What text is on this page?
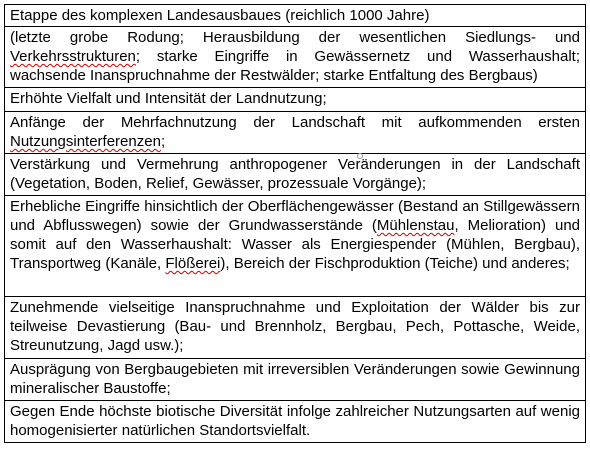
Etappe des komplexen Landesausbaues (reichlich 1000 Jahre)
(letzte grobe Rodung; Herausbildung der wesentlichen Siedlungs- und Verkehrsstrukturen; starke Eingriffe in Gewässernetz und Wasserhaushalt; wachsende Inanspruchnahme der Restwälder; starke Entfaltung des Bergbaus)
Erhöhte Vielfalt und Intensität der Landnutzung;
Anfänge der Mehrfachnutzung der Landschaft mit aufkommenden ersten Nutzungsinterferenzen;
Verstärkung und Vermehrung anthropogener Veränderungen in der Landschaft (Vegetation, Boden, Relief, Gewässer, prozessuale Vorgänge);
Erhebliche Eingriffe hinsichtlich der Oberflächengewässer (Bestand an Stillgewässern und Abflusswegen) sowie der Grundwasserstände (Mühlenstau, Melioration) und somit auf den Wasserhaushalt: Wasser als Energiespender (Mühlen, Bergbau), Transportweg (Kanäle, Flößerei), Bereich der Fischproduktion (Teiche) und anderes;
Zunehmende vielseitige Inanspruchnahme und Exploitation der Wälder bis zur teilweise Devastierung (Bau- und Brennholz, Bergbau, Pech, Pottasche, Weide, Streunutzung, Jagd usw.);
Ausprägung von Bergbaugebieten mit irreversiblen Veränderungen sowie Gewinnung mineralischer Baustoffe;
Gegen Ende höchste biotische Diversität infolge zahlreicher Nutzungsarten auf wenig homogenisierter natürlichen Standortsvielfalt.
